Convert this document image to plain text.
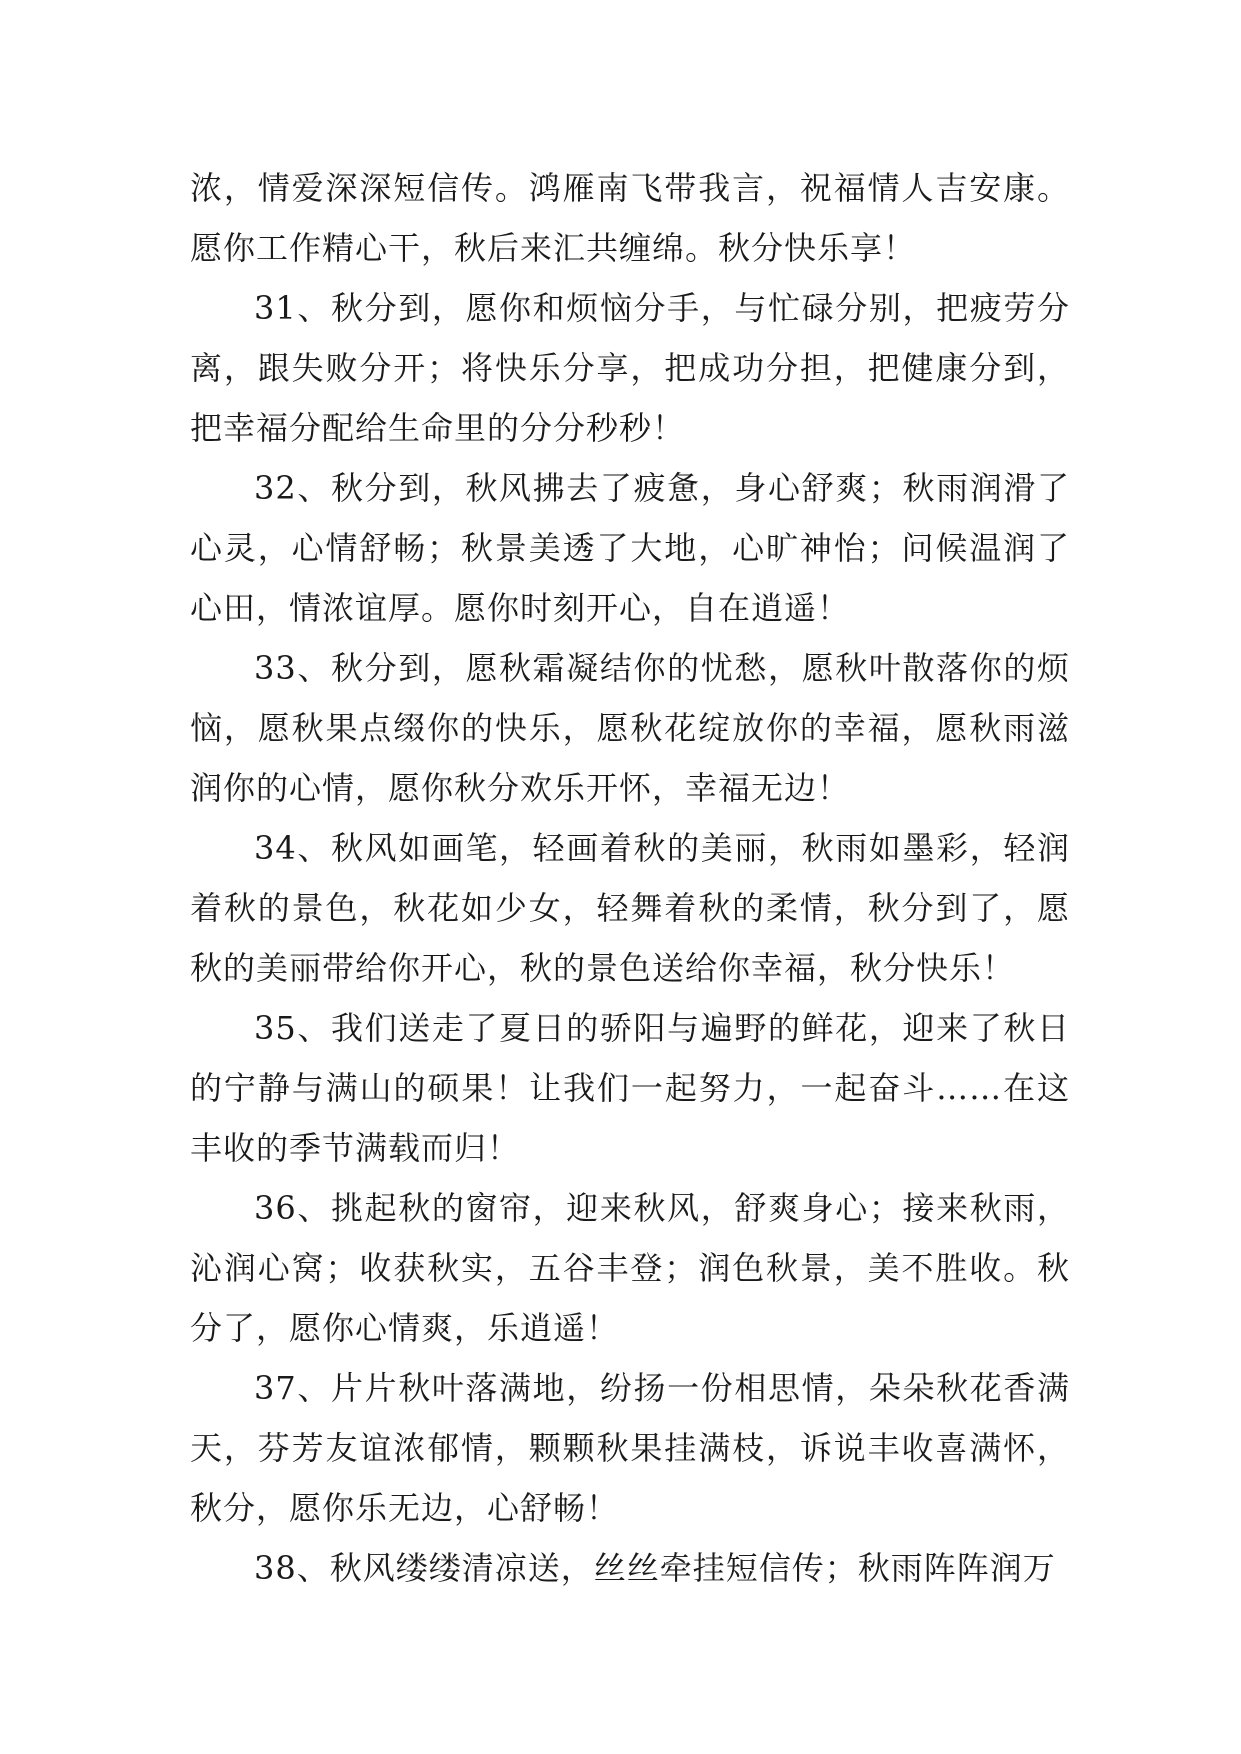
浓，情爱深深短信传。鸿雁南飞带我言，祝福情人吉安康。愿你工作精心干，秋后来汇共缠绵。秋分快乐享！

31、秋分到，愿你和烦恼分手，与忙碌分别，把疲劳分离，跟失败分开；将快乐分享，把成功分担，把健康分到，把幸福分配给生命里的分分秒秒！

32、秋分到，秋风拂去了疲惫，身心舒爽；秋雨润滑了心灵，心情舒畅；秋景美透了大地，心旷神怡；问候温润了心田，情浓谊厚。愿你时刻开心，自在逍遥！

33、秋分到，愿秋霜凝结你的忧愁，愿秋叶散落你的烦恼，愿秋果点缀你的快乐，愿秋花绽放你的幸福，愿秋雨滋润你的心情，愿你秋分欢乐开怀，幸福无边！

34、秋风如画笔，轻画着秋的美丽，秋雨如墨彩，轻润着秋的景色，秋花如少女，轻舞着秋的柔情，秋分到了，愿秋的美丽带给你开心，秋的景色送给你幸福，秋分快乐！

35、我们送走了夏日的骄阳与遍野的鲜花，迎来了秋日的宁静与满山的硕果！让我们一起努力，一起奋斗……在这丰收的季节满载而归！

36、挑起秋的窗帘，迎来秋风，舒爽身心；接来秋雨，沁润心窝；收获秋实，五谷丰登；润色秋景，美不胜收。秋分了，愿你心情爽，乐逍遥！

37、片片秋叶落满地，纷扬一份相思情，朵朵秋花香满天，芬芳友谊浓郁情，颗颗秋果挂满枝，诉说丰收喜满怀，秋分，愿你乐无边，心舒畅！

38、秋风缕缕清凉送，丝丝牵挂短信传；秋雨阵阵润万
